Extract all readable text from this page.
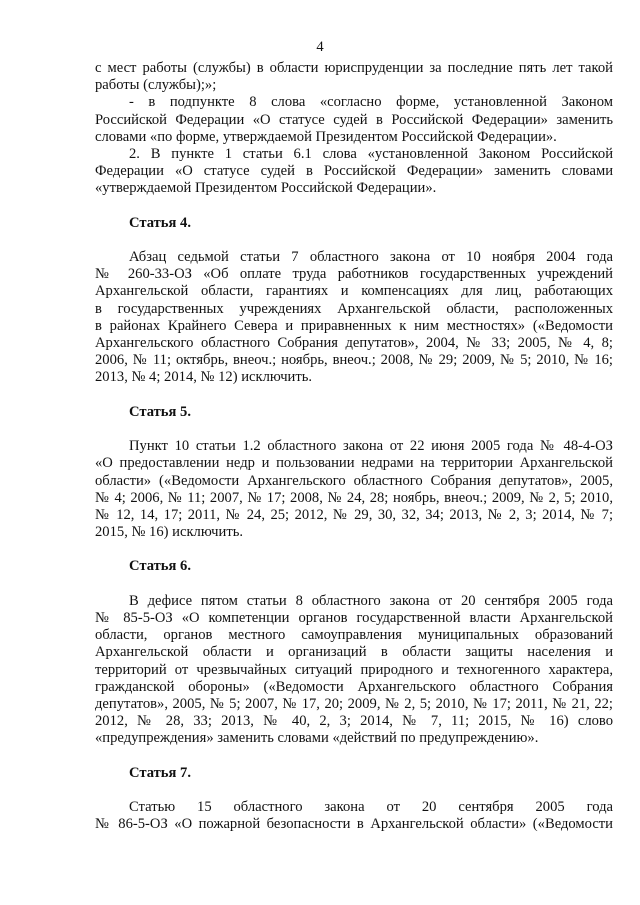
4
с мест работы (службы) в области юриспруденции за последние пять лет такой
работы (службы);»;
- в подпункте 8 слова «согласно форме, установленной Законом
Российской Федерации «О статусе судей в Российской Федерации» заменить
словами «по форме, утверждаемой Президентом Российской Федерации».
2. В пункте 1 статьи 6.1 слова «установленной Законом Российской
Федерации «О статусе судей в Российской Федерации» заменить словами
«утверждаемой Президентом Российской Федерации».
Статья 4.
Абзац седьмой статьи 7 областного закона от 10 ноября 2004 года
№ 260-33-ОЗ «Об оплате труда работников государственных учреждений
Архангельской области, гарантиях и компенсациях для лиц, работающих
в государственных учреждениях Архангельской области, расположенных
в районах Крайнего Севера и приравненных к ним местностях» («Ведомости
Архангельского областного Собрания депутатов», 2004, № 33; 2005, № 4, 8;
2006, № 11; октябрь, внеоч.; ноябрь, внеоч.; 2008, № 29; 2009, № 5; 2010, № 16;
2013, № 4; 2014, № 12) исключить.
Статья 5.
Пункт 10 статьи 1.2 областного закона от 22 июня 2005 года № 48-4-ОЗ
«О предоставлении недр и пользовании недрами на территории Архангельской
области» («Ведомости Архангельского областного Собрания депутатов», 2005,
№ 4; 2006, № 11; 2007, № 17; 2008, № 24, 28; ноябрь, внеоч.; 2009, № 2, 5; 2010,
№ 12, 14, 17; 2011, № 24, 25; 2012, № 29, 30, 32, 34; 2013, № 2, 3; 2014, № 7;
2015, № 16) исключить.
Статья 6.
В дефисе пятом статьи 8 областного закона от 20 сентября 2005 года
№ 85-5-ОЗ «О компетенции органов государственной власти Архангельской
области, органов местного самоуправления муниципальных образований
Архангельской области и организаций в области защиты населения и
территорий от чрезвычайных ситуаций природного и техногенного характера,
гражданской обороны» («Ведомости Архангельского областного Собрания
депутатов», 2005, № 5; 2007, № 17, 20; 2009, № 2, 5; 2010, № 17; 2011, № 21, 22;
2012, № 28, 33; 2013, № 40, 2, 3; 2014, № 7, 11; 2015, № 16) слово
«предупреждения» заменить словами «действий по предупреждению».
Статья 7.
Статью 15 областного закона от 20 сентября 2005 года
№ 86-5-ОЗ «О пожарной безопасности в Архангельской области» («Ведомости
